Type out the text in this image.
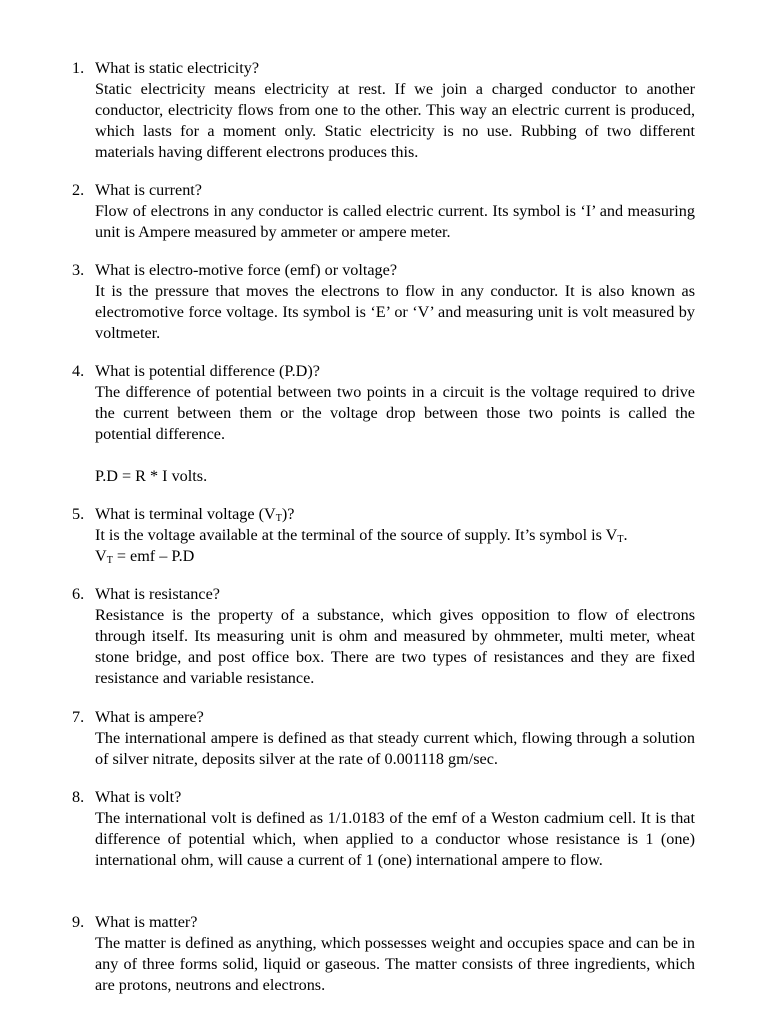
1. What is static electricity?

Static electricity means electricity at rest. If we join a charged conductor to another conductor, electricity flows from one to the other. This way an electric current is produced, which lasts for a moment only. Static electricity is no use. Rubbing of two different materials having different electrons produces this.

2. What is current?

Flow of electrons in any conductor is called electric current. Its symbol is ‘I’ and measuring unit is Ampere measured by ammeter or ampere meter.

3. What is electro-motive force (emf) or voltage?

It is the pressure that moves the electrons to flow in any conductor. It is also known as electromotive force voltage. Its symbol is ‘E’ or ‘V’ and measuring unit is volt measured by voltmeter.

4. What is potential difference (P.D)?

The difference of potential between two points in a circuit is the voltage required to drive the current between them or the voltage drop between those two points is called the potential difference.

P.D = R * I volts.

5. What is terminal voltage $(V_T)$?

It is the voltage available at the terminal of the source of supply. It’s symbol is $V_T$.

$V_T$ = emf – P.D

6. What is resistance?

Resistance is the property of a substance, which gives opposition to flow of electrons through itself. Its measuring unit is ohm and measured by ohmmeter, multi meter, wheat stone bridge, and post office box. There are two types of resistances and they are fixed resistance and variable resistance.

7. What is ampere?

The international ampere is defined as that steady current which, flowing through a solution of silver nitrate, deposits silver at the rate of 0.001118 gm/sec.

8. What is volt?

The international volt is defined as 1/1.0183 of the emf of a Weston cadmium cell. It is that difference of potential which, when applied to a conductor whose resistance is 1 (one) international ohm, will cause a current of 1 (one) international ampere to flow.

9. What is matter?

The matter is defined as anything, which possesses weight and occupies space and can be in any of three forms solid, liquid or gaseous. The matter consists of three ingredients, which are protons, neutrons and electrons.
